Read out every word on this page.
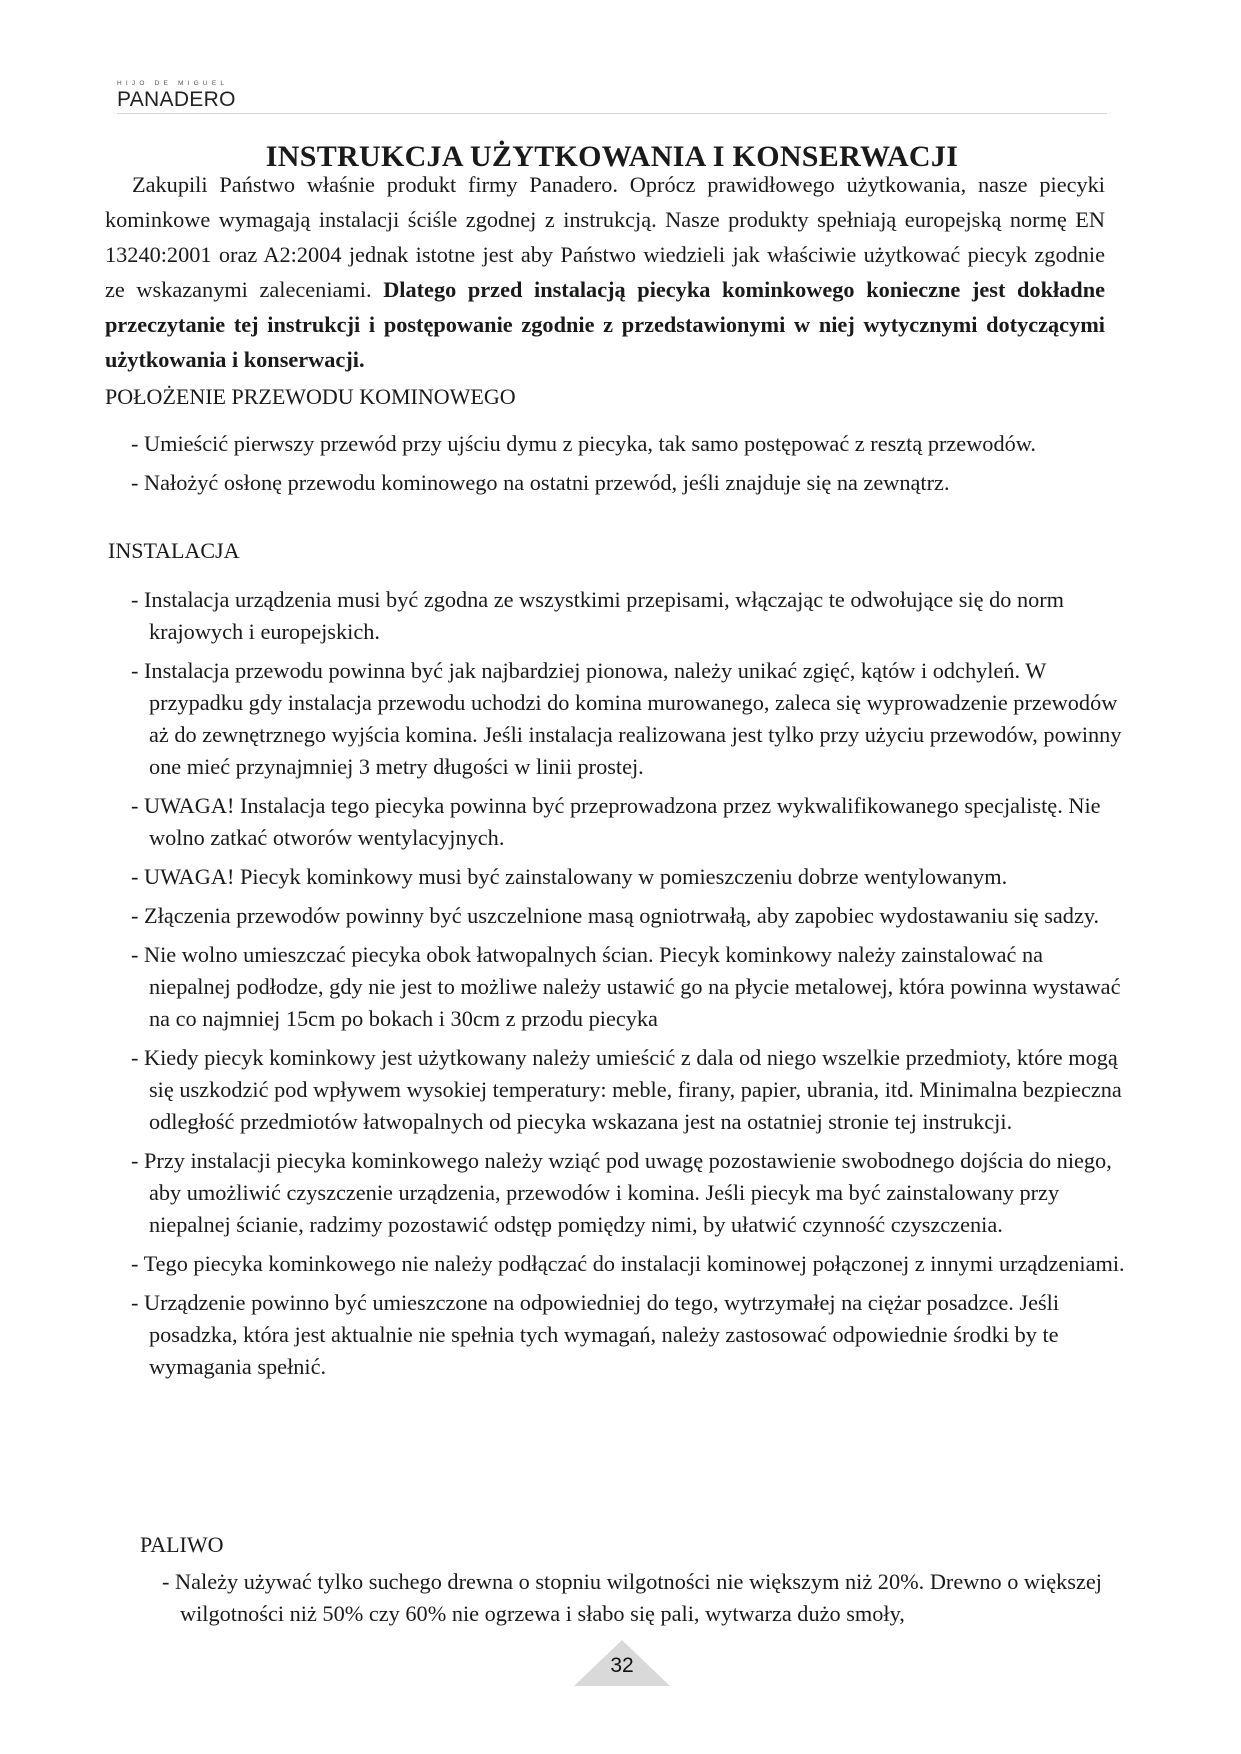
HIJO DE MIGUEL
PANADERO
INSTRUKCJA UŻYTKOWANIA I KONSERWACJI

Zakupili Państwo właśnie produkt firmy Panadero. Oprócz prawidłowego użytkowania, nasze piecyki kominkowe wymagają instalacji ściśle zgodnej z instrukcją. Nasze produkty spełniają europejską normę EN 13240:2001 oraz A2:2004 jednak istotne jest aby Państwo wiedzieli jak właściwie użytkować piecyk zgodnie ze wskazanymi zaleceniami. Dlatego przed instalacją piecyka kominkowego konieczne jest dokładne przeczytanie tej instrukcji i postępowanie zgodnie z przedstawionymi w niej wytycznymi dotyczącymi użytkowania i konserwacji.

POŁOŻENIE PRZEWODU KOMINOWEGO
- Umieścić pierwszy przewód przy ujściu dymu z piecyka, tak samo postępować z resztą przewodów.
- Nałożyć osłonę przewodu kominowego na ostatni przewód, jeśli znajduje się na zewnątrz.
INSTALACJA
- Instalacja urządzenia musi być zgodna ze wszystkimi przepisami, włączając te odwołujące się do norm krajowych i europejskich.
- Instalacja przewodu powinna być jak najbardziej pionowa, należy unikać zgięć, kątów i odchyleń. W przypadku gdy instalacja przewodu uchodzi do komina murowanego, zaleca się wyprowadzenie przewodów aż do zewnętrznego wyjścia komina. Jeśli instalacja realizowana jest tylko przy użyciu przewodów, powinny one mieć przynajmniej 3 metry długości w linii prostej.
- UWAGA! Instalacja tego piecyka powinna być przeprowadzona przez wykwalifikowanego specjalistę. Nie wolno zatkać otworów wentylacyjnych.
- UWAGA! Piecyk kominkowy musi być zainstalowany w pomieszczeniu dobrze wentylowanym.
- Złączenia przewodów powinny być uszczelnione masą ogniotrwałą, aby zapobiec wydostawaniu się sadzy.
- Nie wolno umieszczać piecyka obok łatwopalnych ścian. Piecyk kominkowy należy zainstalować na niepalnej podłodze, gdy nie jest to możliwe należy ustawić go na płycie metalowej, która powinna wystawać na co najmniej 15cm po bokach i 30cm z przodu piecyka
- Kiedy piecyk kominkowy jest użytkowany należy umieścić z dala od niego wszelkie przedmioty, które mogą się uszkodzić pod wpływem wysokiej temperatury: meble, firany, papier, ubrania, itd. Minimalna bezpieczna odległość przedmiotów łatwopalnych od piecyka wskazana jest na ostatniej stronie tej instrukcji.
- Przy instalacji piecyka kominkowego należy wziąć pod uwagę pozostawienie swobodnego dojścia do niego, aby umożliwić czyszczenie urządzenia, przewodów i komina. Jeśli piecyk ma być zainstalowany przy niepalnej ścianie, radzimy pozostawić odstęp pomiędzy nimi, by ułatwić czynność czyszczenia.
- Tego piecyka kominkowego nie należy podłączać do instalacji kominowej połączonej z innymi urządzeniami.
- Urządzenie powinno być umieszczone na odpowiedniej do tego, wytrzymałej na ciężar posadzce. Jeśli posadzka, która jest aktualnie nie spełnia tych wymagań, należy zastosować odpowiednie środki by te wymagania spełnić.
PALIWO
- Należy używać tylko suchego drewna o stopniu wilgotności nie większym niż 20%. Drewno o większej wilgotności niż 50% czy 60% nie ogrzewa i słabo się pali, wytwarza dużo smoły,
32
